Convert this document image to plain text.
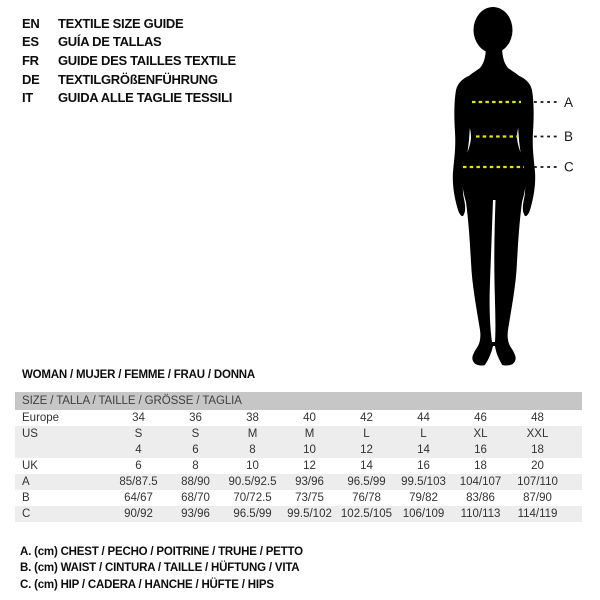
EN	TEXTILE SIZE GUIDE
ES	GUÍA DE TALLAS
FR	GUIDE DES TAILLES TEXTILE
DE	TEXTILGRÖßENFÜHRUNG
IT	GUIDA ALLE TAGLIE TESSILI	A
B
C
WOMAN / MUJER / FEMME / FRAU / DONNA
SIZE / TALLA / TAILLE / GRÖSSE / TAGLIA
Europe	34	36	38	40	42	44	46	48
US	S	S	M	M	L	L	XL	XXL
4	6	8	10	12	14	16	18
UK	6	8	10	12	14	16	18	20
A	85/87.5	88/90	90.5/92.5	93/96	96.5/99	99.5/103	104/107	107/110
B	64/67	68/70	70/72.5	73/75	76/78	79/82	83/86	87/90
C	90/92	93/96	96.5/99	99.5/102 102.5/105 106/109	110/113	114/119
A. (cm) CHEST / PECHO / POITRINE / TRUHE / PETTO
B. (cm) WAIST / CINTURA / TAILLE / HÜFTUNG / VITA
C. (cm) HIP / CADERA / HANCHE / HÜFTE / HIPS
